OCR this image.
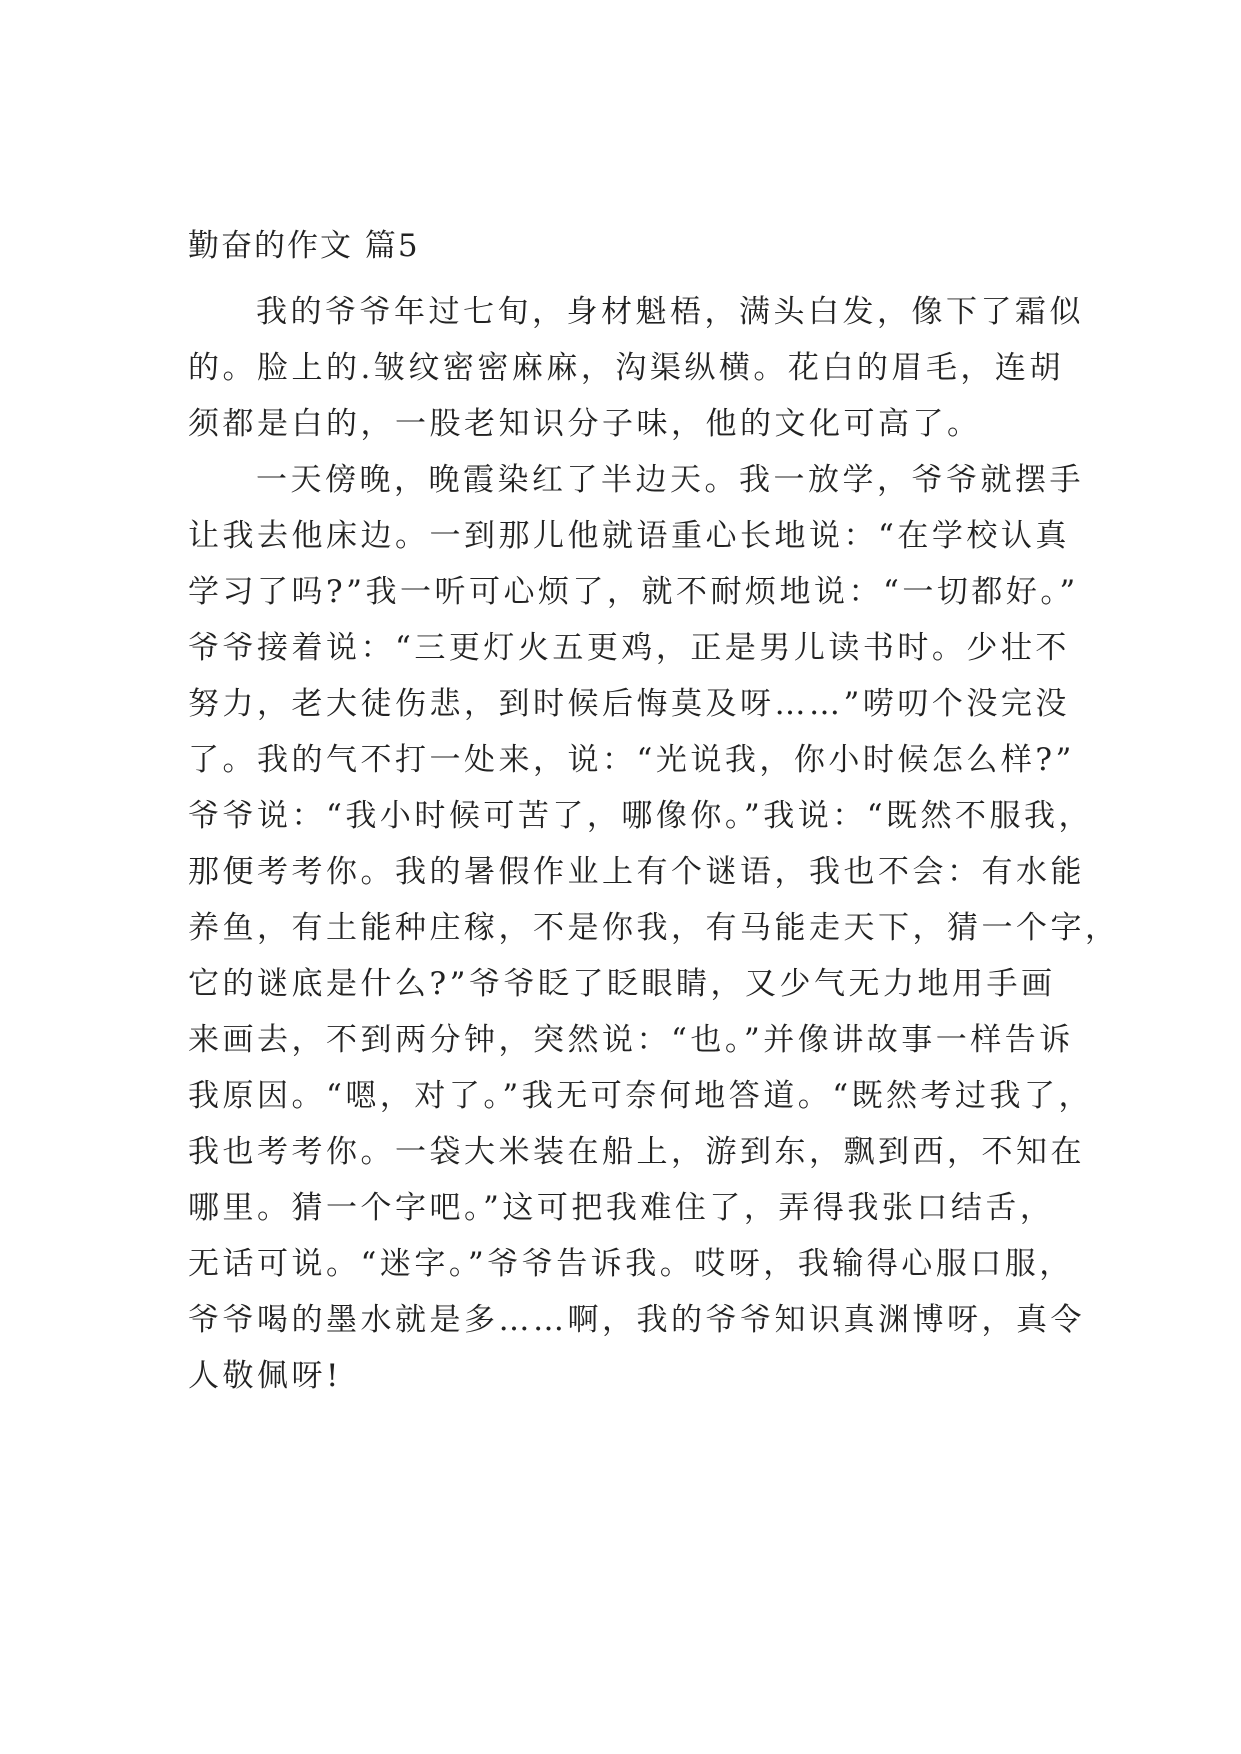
勤奋的作文 篇5
我的爷爷年过七旬，身材魁梧，满头白发，像下了霜似
的。脸上的.皱纹密密麻麻，沟渠纵横。花白的眉毛，连胡
须都是白的，一股老知识分子味，他的文化可高了。
一天傍晚，晚霞染红了半边天。我一放学，爷爷就摆手
让我去他床边。一到那儿他就语重心长地说：“在学校认真
学习了吗?”我一听可心烦了，就不耐烦地说：“一切都好。”
爷爷接着说：“三更灯火五更鸡，正是男儿读书时。少壮不
努力，老大徒伤悲，到时候后悔莫及呀……”唠叨个没完没
了。我的气不打一处来，说：“光说我，你小时候怎么样?”
爷爷说：“我小时候可苦了，哪像你。”我说：“既然不服我，
那便考考你。我的暑假作业上有个谜语，我也不会：有水能
养鱼，有土能种庄稼，不是你我，有马能走天下，猜一个字，
它的谜底是什么?”爷爷眨了眨眼睛，又少气无力地用手画
来画去，不到两分钟，突然说：“也。”并像讲故事一样告诉
我原因。“嗯，对了。”我无可奈何地答道。“既然考过我了，
我也考考你。一袋大米装在船上，游到东，飘到西，不知在
哪里。猜一个字吧。”这可把我难住了，弄得我张口结舌，
无话可说。“迷字。”爷爷告诉我。哎呀，我输得心服口服，
爷爷喝的墨水就是多……啊，我的爷爷知识真渊博呀，真令
人敬佩呀!
